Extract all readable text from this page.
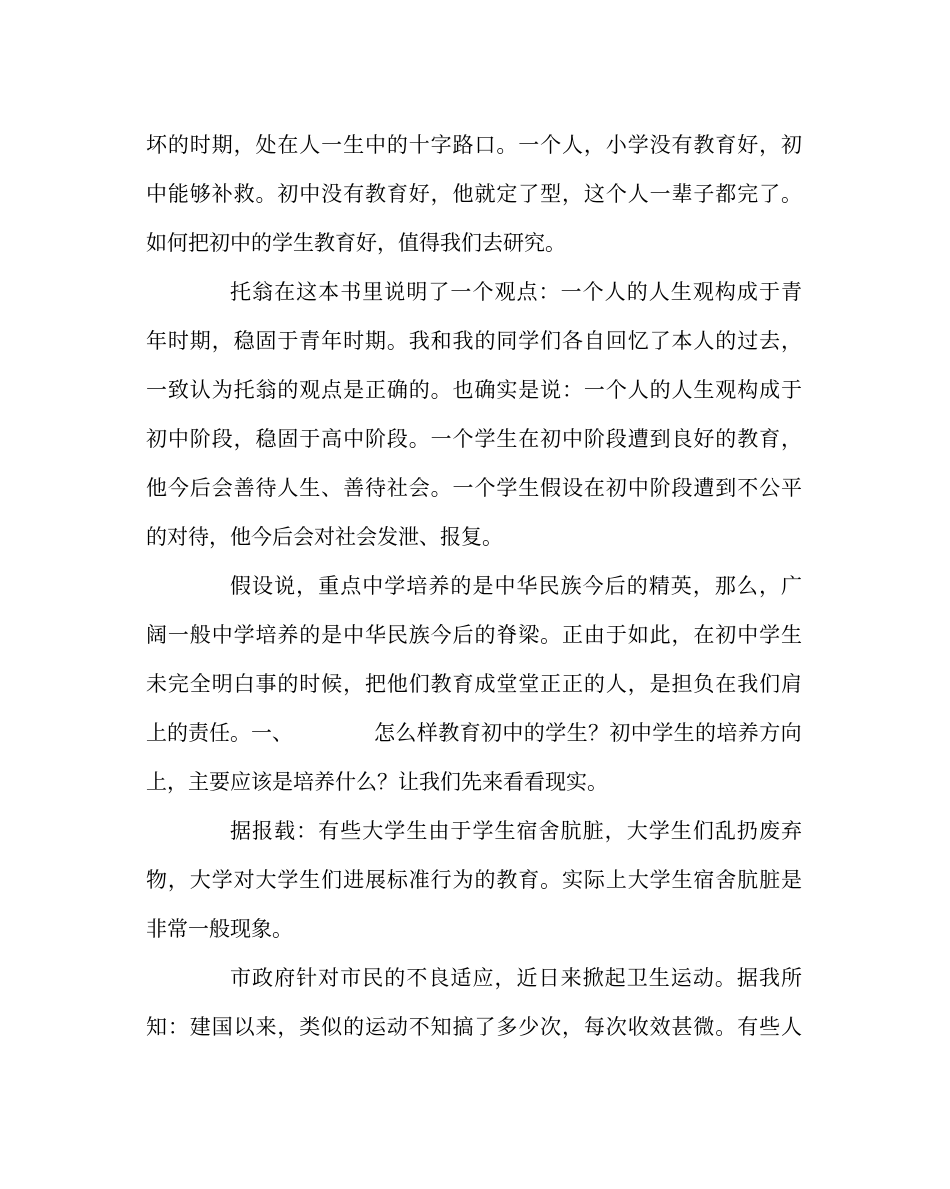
坏的时期，处在人一生中的十字路口。一个人，小学没有教育好，初
中能够补救。初中没有教育好，他就定了型，这个人一辈子都完了。
如何把初中的学生教育好，值得我们去研究。

托翁在这本书里说明了一个观点：一个人的人生观构成于青
年时期，稳固于青年时期。我和我的同学们各自回忆了本人的过去，
一致认为托翁的观点是正确的。也确实是说：一个人的人生观构成于
初中阶段，稳固于高中阶段。一个学生在初中阶段遭到良好的教育，
他今后会善待人生、善待社会。一个学生假设在初中阶段遭到不公平
的对待，他今后会对社会发泄、报复。

假设说，重点中学培养的是中华民族今后的精英，那么，广
阔一般中学培养的是中华民族今后的脊梁。正由于如此，在初中学生
未完全明白事的时候，把他们教育成堂堂正正的人，是担负在我们肩
上的责任。一、	怎么样教育初中的学生？初中学生的培养方向
上，主要应该是培养什么？让我们先来看看现实。

据报载：有些大学生由于学生宿舍肮脏，大学生们乱扔废弃
物，大学对大学生们进展标准行为的教育。实际上大学生宿舍肮脏是
非常一般现象。

市政府针对市民的不良适应，近日来掀起卫生运动。据我所
知：建国以来，类似的运动不知搞了多少次，每次收效甚微。有些人
